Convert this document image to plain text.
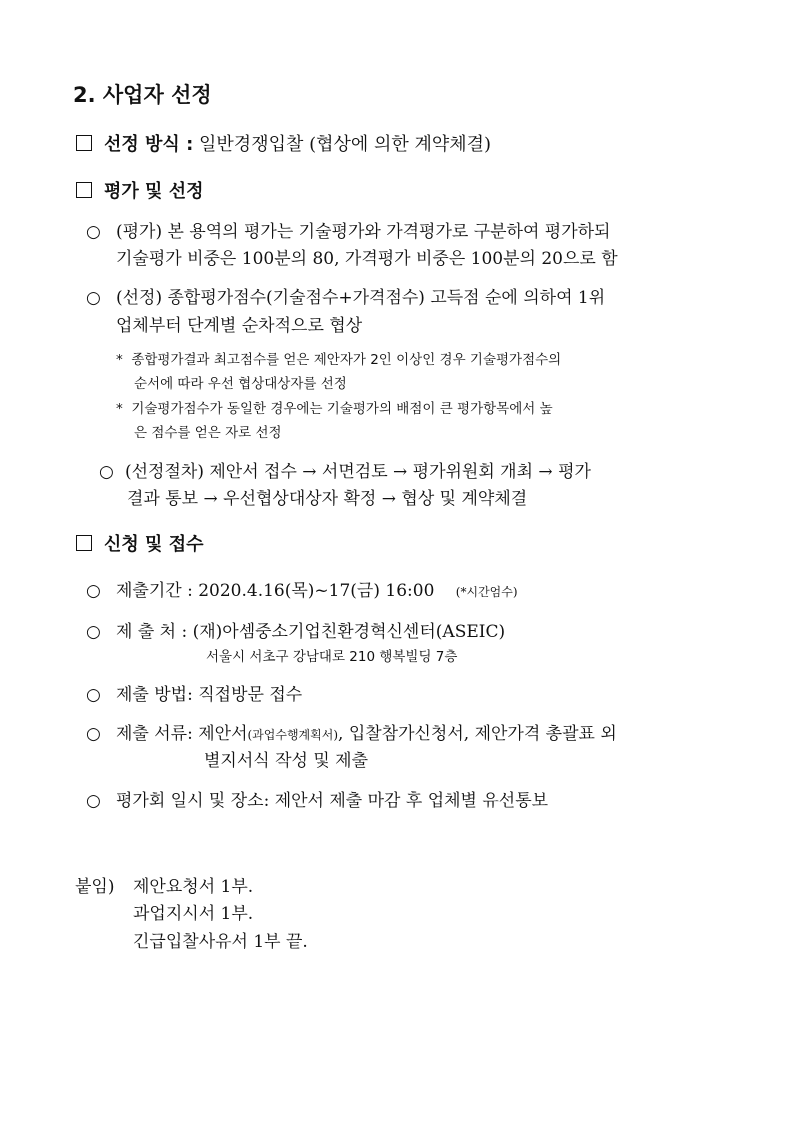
2. 사업자 선정
선정 방식 : 일반경쟁입찰 (협상에 의한 계약체결)
평가 및 선정
○ (평가) 본 용역의 평가는 기술평가와 가격평가로 구분하여 평가하되
기술평가 비중은 100분의 80, 가격평가 비중은 100분의 20으로 함
○ (선정) 종합평가점수(기술점수+가격점수) 고득점 순에 의하여 1위
업체부터 단계별 순차적으로 협상
* 종합평가결과 최고점수를 얻은 제안자가 2인 이상인 경우 기술평가점수의
순서에 따라 우선 협상대상자를 선정
* 기술평가점수가 동일한 경우에는 기술평가의 배점이 큰 평가항목에서 높
은 점수를 얻은 자로 선정
○ (선정절차) 제안서 접수 → 서면검토 → 평가위원회 개최 → 평가
결과 통보 → 우선협상대상자 확정 → 협상 및 계약체결
신청 및 접수
○ 제출기간 : 2020.4.16(목)~17(금) 16:00 (*시간엄수)
○ 제 출 처 : (재)아셈중소기업친환경혁신센터(ASEIC)
서울시 서초구 강남대로 210 행복빌딩 7층
○ 제출 방법: 직접방문 접수
○ 제출 서류: 제안서(과업수행계획서), 입찰참가신청서, 제안가격 총괄표 외
별지서식 작성 및 제출
○ 평가회 일시 및 장소: 제안서 제출 마감 후 업체별 유선통보
붙임) 제안요청서 1부.
과업지시서 1부.
긴급입찰사유서 1부 끝.
